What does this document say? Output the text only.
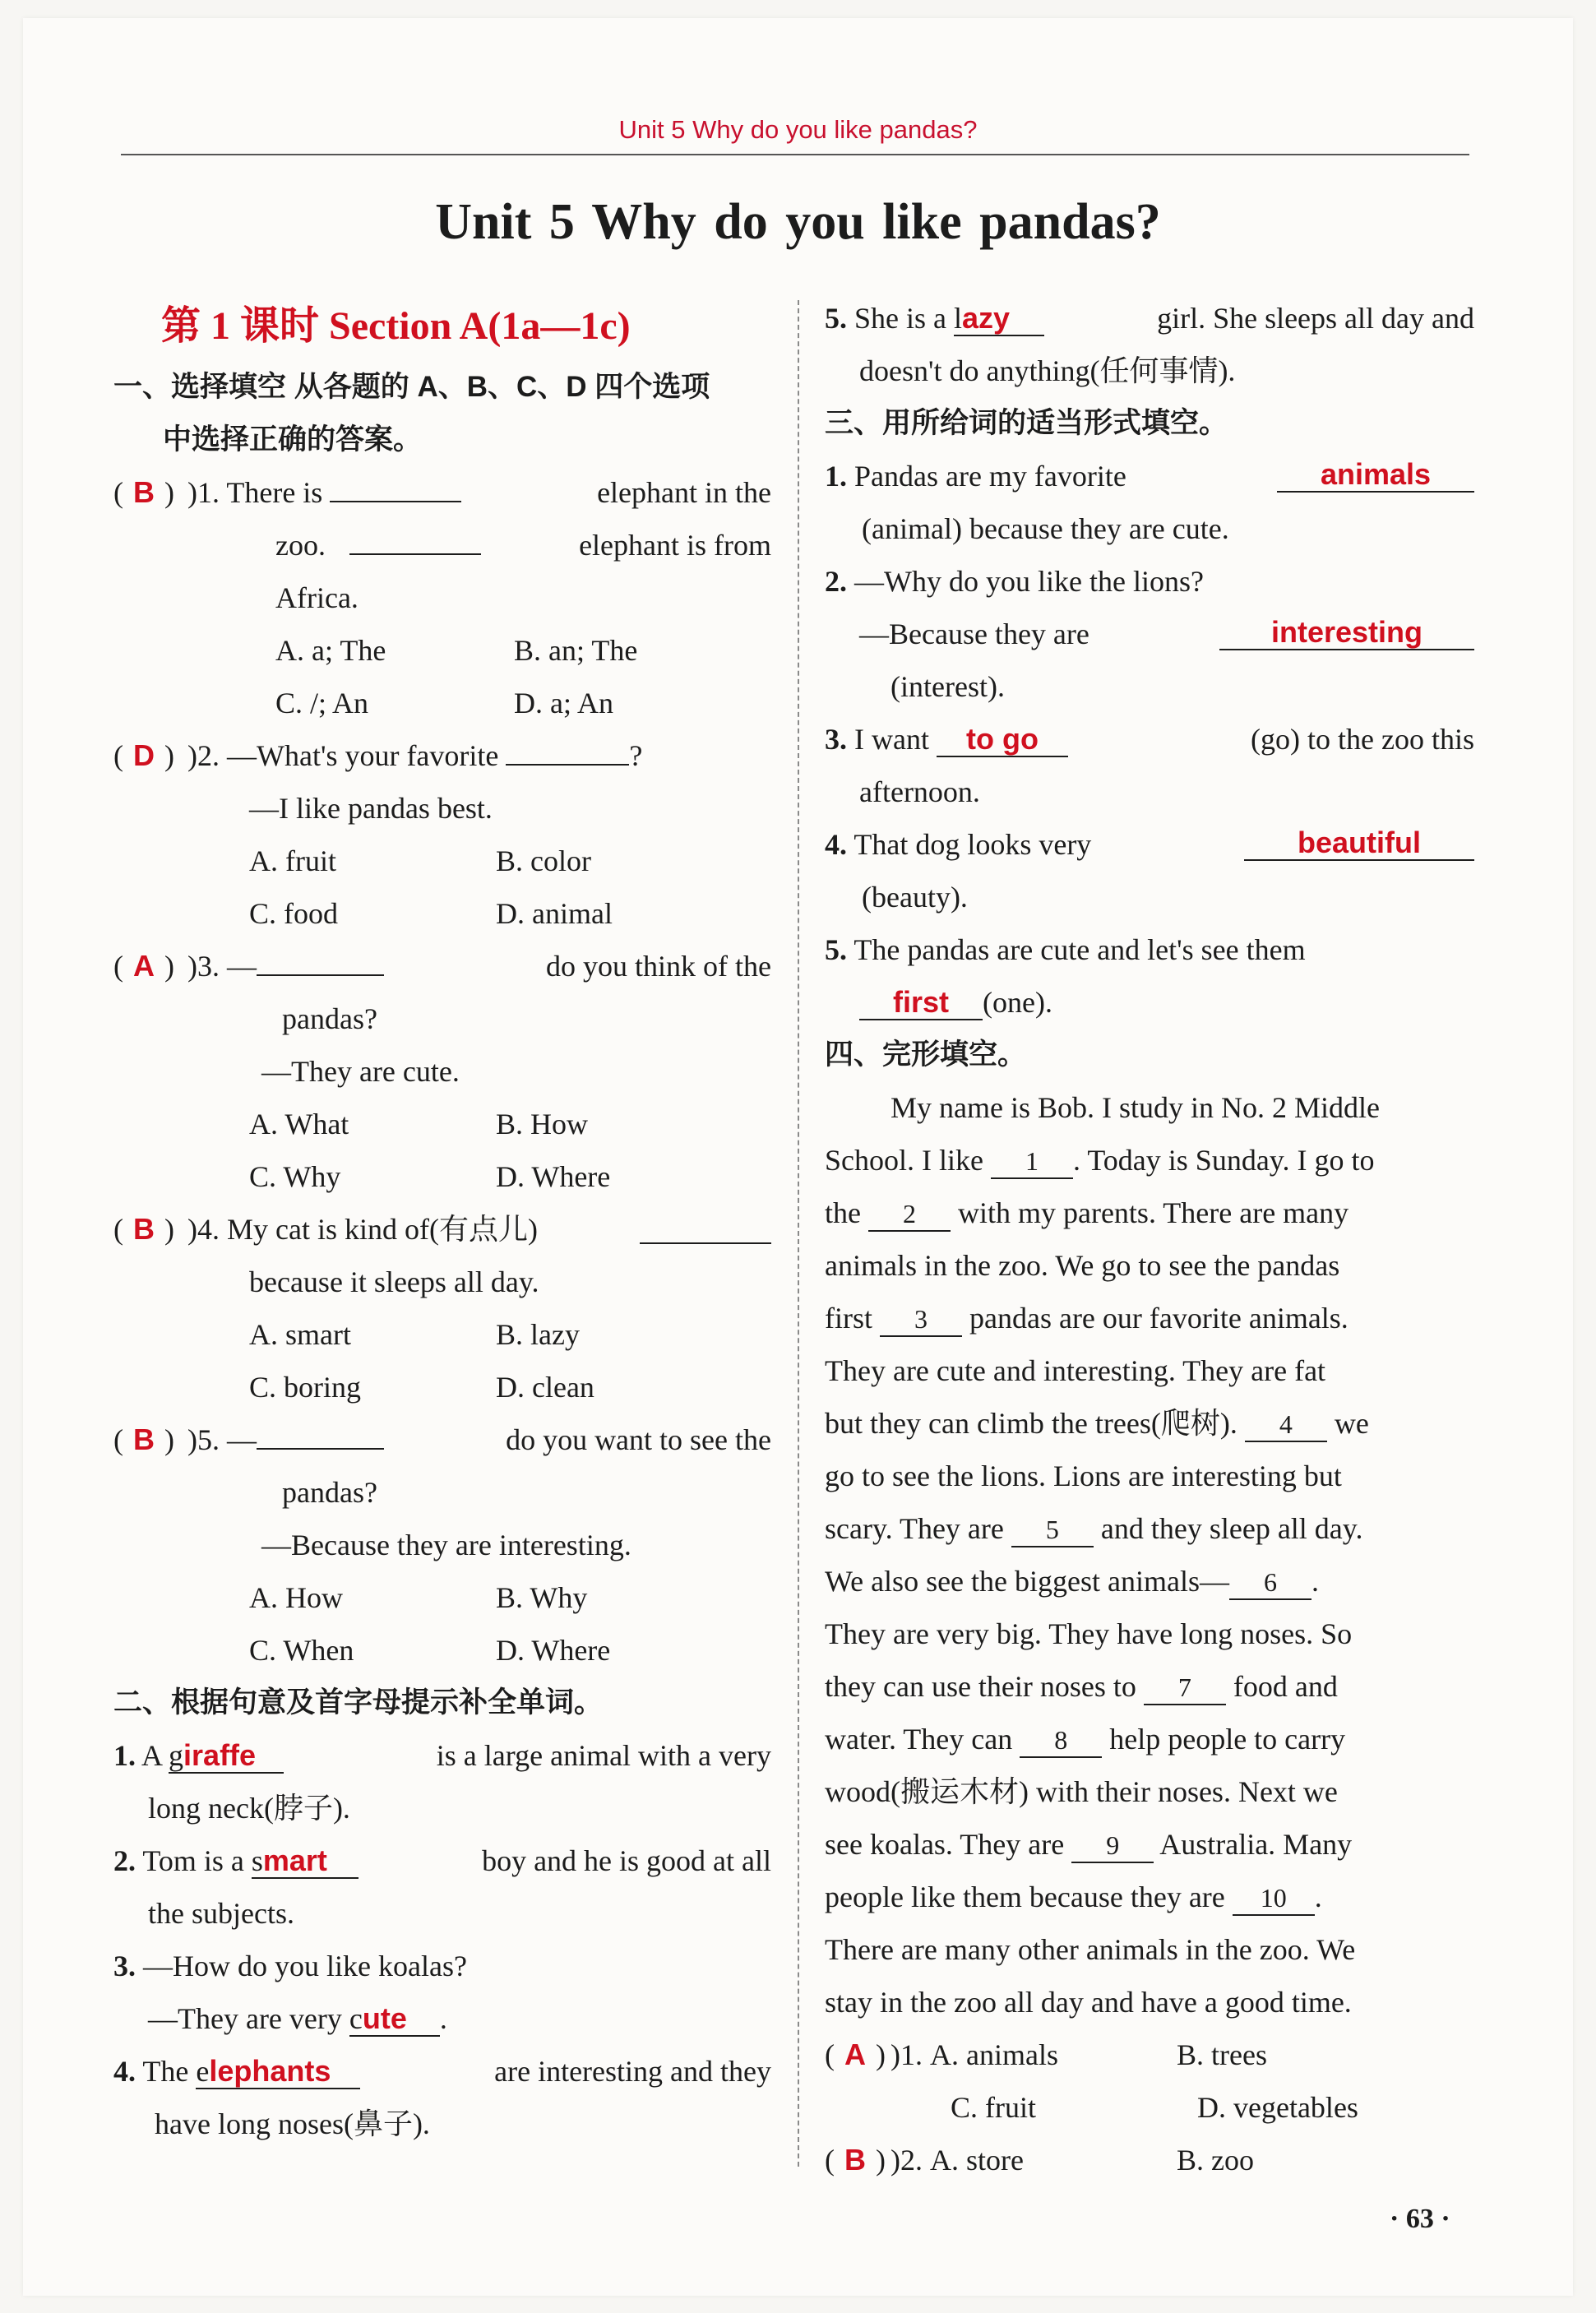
Unit 5 Why do you like pandas?
Unit 5 Why do you like pandas?
第 1 课时 Section A(1a—1c)
一、选择填空 从各题的 A、B、C、D 四个选项
中选择正确的答案。
( B ) )1. There is	elephant in the
zoo.	elephant is from
Africa.
A. a; The	B. an; The
C. /; An	D. a; An
( D ) )2. —What's your favorite	?
—I like pandas best.
A. fruit	B. color
C. food	D. animal
( A ) )3. —	do you think of the
pandas?
—They are cute.
A. What	B. How
C. Why	D. Where
( B ) )4. My cat is kind of(有点儿)
because it sleeps all day.
A. smart	B. lazy
C. boring	D. clean
( B ) )5. —	do you want to see the
pandas?
—Because they are interesting.
A. How	B. Why
C. When	D. Where
二、根据句意及首字母提示补全单词。
1. A giraffe	is a large animal with a very
long neck(脖子).
2. Tom is a smart	boy and he is good at all
the subjects.
3. —How do you like koalas?
—They are very cute .
4. The elephants	are interesting and they
have long noses(鼻子).
5. She is a lazy	girl. She sleeps all day and
doesn't do anything(任何事情).
三、用所给词的适当形式填空。
1. Pandas are my favorite	animals
(animal) because they are cute.
2. —Why do you like the lions?
—Because they are	interesting
(interest).
3. I want to go	(go) to the zoo this
afternoon.
4. That dog looks very	beautiful
(beauty).
5. The pandas are cute and let's see them
first (one).
四、完形填空。
My name is Bob. I study in No. 2 Middle
School. I like 1 . Today is Sunday. I go to
the 2 with my parents. There are many
animals in the zoo. We go to see the pandas
first 3 pandas are our favorite animals.
They are cute and interesting. They are fat
but they can climb the trees(爬树). 4 we
go to see the lions. Lions are interesting but
scary. They are 5 and they sleep all day.
We also see the biggest animals— 6 .
They are very big. They have long noses. So
they can use their noses to 7 food and
water. They can 8 help people to carry
wood(搬运木材) with their noses. Next we
see koalas. They are 9 Australia. Many
people like them because they are 10 .
There are many other animals in the zoo. We
stay in the zoo all day and have a good time.
( A ) )1. A. animals	B. trees
C. fruit	D. vegetables
( B ) )2. A. store	B. zoo
· 63 ·
